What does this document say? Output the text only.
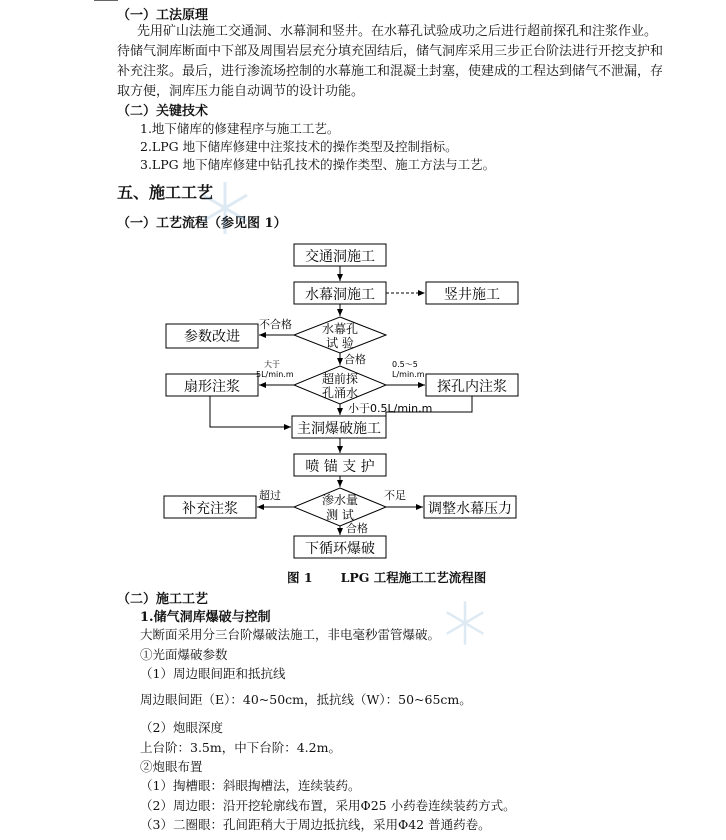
（一）工法原理
先用矿山法施工交通洞、水幕洞和竖井。在水幕孔试验成功之后进行超前探孔和注浆作业。
待储气洞库断面中下部及周围岩层充分填充固结后，储气洞库采用三步正台阶法进行开挖支护和
补充注浆。最后，进行渗流场控制的水幕施工和混凝土封塞，使建成的工程达到储气不泄漏，存
取方便，洞库压力能自动调节的设计功能。
（二）关键技术
1.地下储库的修建程序与施工工艺。
2.LPG 地下储库修建中注浆技术的操作类型及控制指标。
3.LPG 地下储库修建中钻孔技术的操作类型、施工方法与工艺。
五、施工工艺
（一）工艺流程（参见图 1）
交通洞施工
水幕洞施工	竖井施工
参数改进
扇形注浆	探孔内注浆
主洞爆破施工
喷 锚 支 护
补充注浆	调整水幕压力
下循环爆破
水幕孔
试 验
超前探
孔涌水
渗水量
测 试
不合格
合格
大于
5L/min.m
0.5～5
L/min.m
小于0.5L/min.m
超过	不足
合格
图 1 LPG 工程施工工艺流程图
（二）施工工艺
1.储气洞库爆破与控制
大断面采用分三台阶爆破法施工，非电毫秒雷管爆破。
①光面爆破参数
（1）周边眼间距和抵抗线
周边眼间距（E）：40~50cm，抵抗线（W）：50~65cm。
（2）炮眼深度
上台阶：3.5m，中下台阶：4.2m。
②炮眼布置
（1）掏槽眼：斜眼掏槽法，连续装药。
（2）周边眼：沿开挖轮廓线布置，采用Φ25 小药卷连续装药方式。
（3）二圈眼：孔间距稍大于周边抵抗线，采用Φ42 普通药卷。
